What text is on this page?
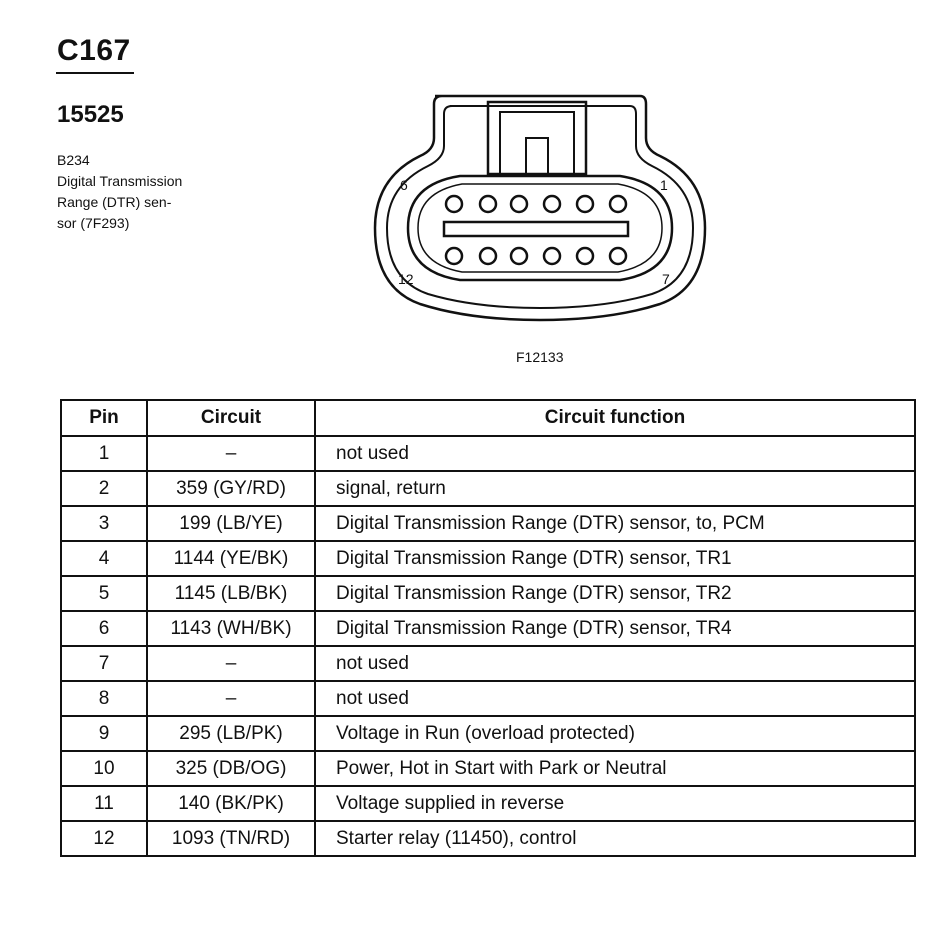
C167
15525
B234
Digital Transmission
Range (DTR) sen-
sor (7F293)
6	1
12	7
F12133
Pin	Circuit	Circuit function
1	–	not used
2	359 (GY/RD)	signal, return
3	199 (LB/YE)	Digital Transmission Range (DTR) sensor, to, PCM
4	1144 (YE/BK)	Digital Transmission Range (DTR) sensor, TR1
5	1145 (LB/BK)	Digital Transmission Range (DTR) sensor, TR2
6	1143 (WH/BK)	Digital Transmission Range (DTR) sensor, TR4
7	–	not used
8	–	not used
9	295 (LB/PK)	Voltage in Run (overload protected)
10	325 (DB/OG)	Power, Hot in Start with Park or Neutral
11	140 (BK/PK)	Voltage supplied in reverse
12	1093 (TN/RD)	Starter relay (11450), control
